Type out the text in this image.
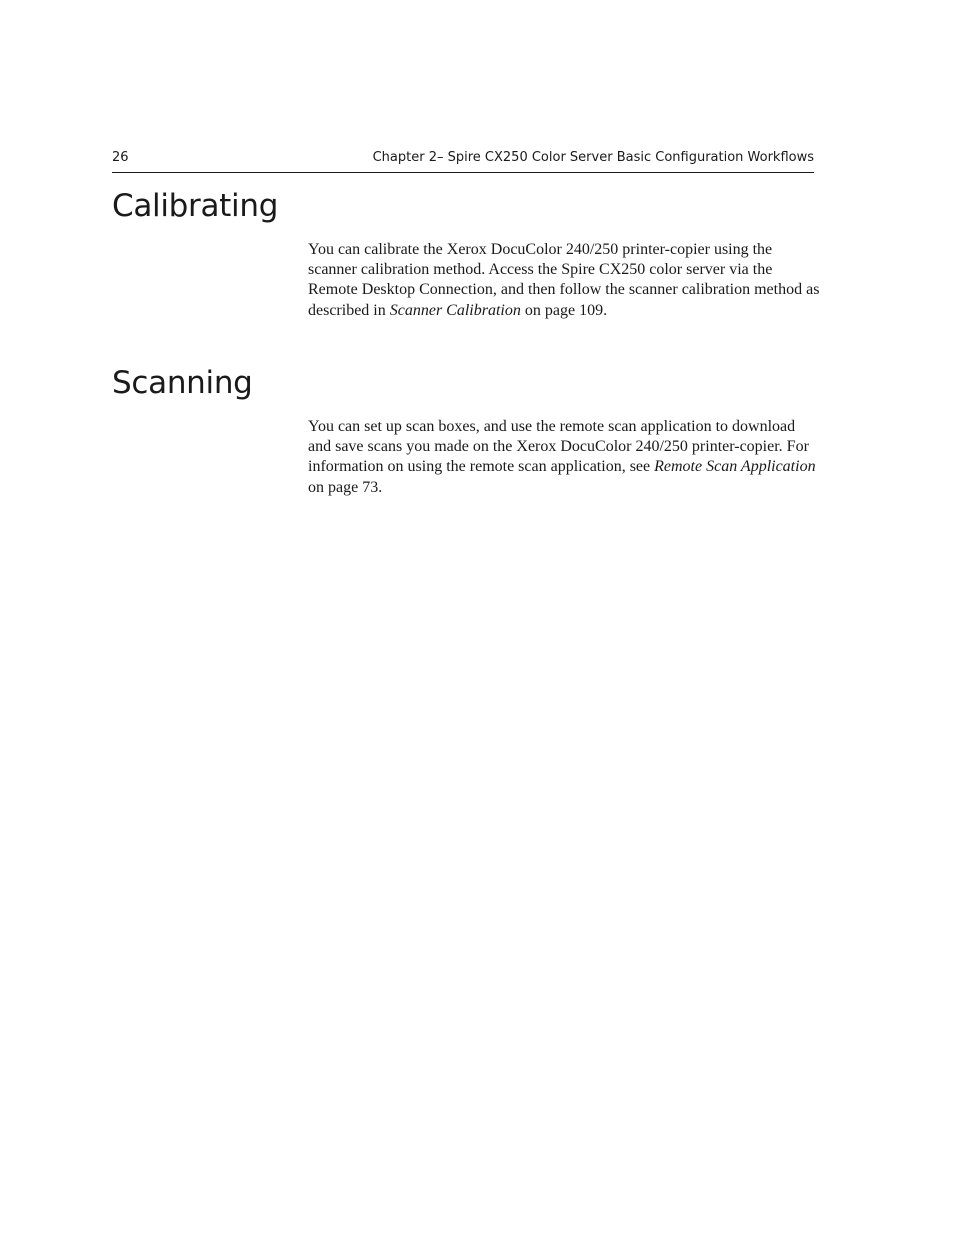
26	Chapter 2– Spire CX250 Color Server Basic Configuration Workflows
Calibrating

You can calibrate the Xerox DocuColor 240/250 printer-copier using the scanner calibration method. Access the Spire CX250 color server via the Remote Desktop Connection, and then follow the scanner calibration method as described in Scanner Calibration on page 109.

Scanning

You can set up scan boxes, and use the remote scan application to download and save scans you made on the Xerox DocuColor 240/250 printer-copier. For information on using the remote scan application, see Remote Scan Application on page 73.
